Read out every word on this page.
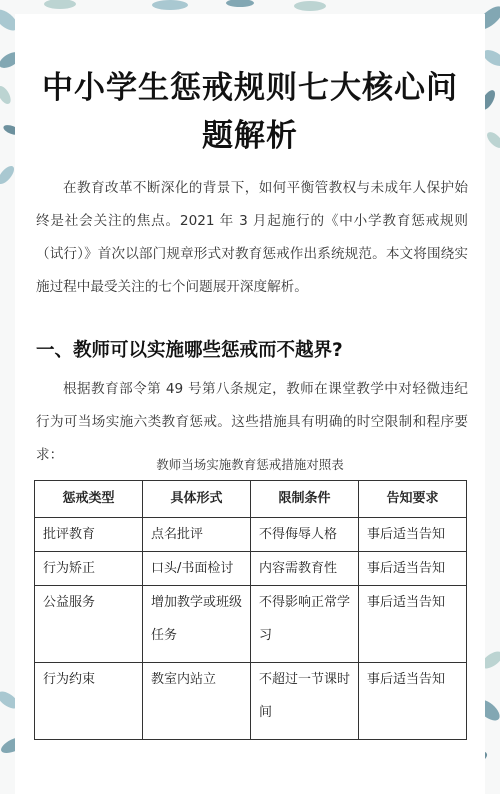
中小学生惩戒规则七大核心问
题解析
在教育改革不断深化的背景下，如何平衡管教权与未成年人保护始终是社会关注的焦点。2021 年 3 月起施行的《中小学教育惩戒规则（试行）》首次以部门规章形式对教育惩戒作出系统规范。本文将围绕实施过程中最受关注的七个问题展开深度解析。
一、教师可以实施哪些惩戒而不越界?
根据教育部令第 49 号第八条规定，教师在课堂教学中对轻微违纪行为可当场实施六类教育惩戒。这些措施具有明确的时空限制和程序要求：
教师当场实施教育惩戒措施对照表
惩戒类型	具体形式	限制条件	告知要求
批评教育	点名批评	不得侮辱人格	事后适当告知
行为矫正	口头/书面检讨	内容需教育性	事后适当告知
公益服务	增加教学或班级任务	不得影响正常学习	事后适当告知
行为约束	教室内站立	不超过一节课时间	事后适当告知
